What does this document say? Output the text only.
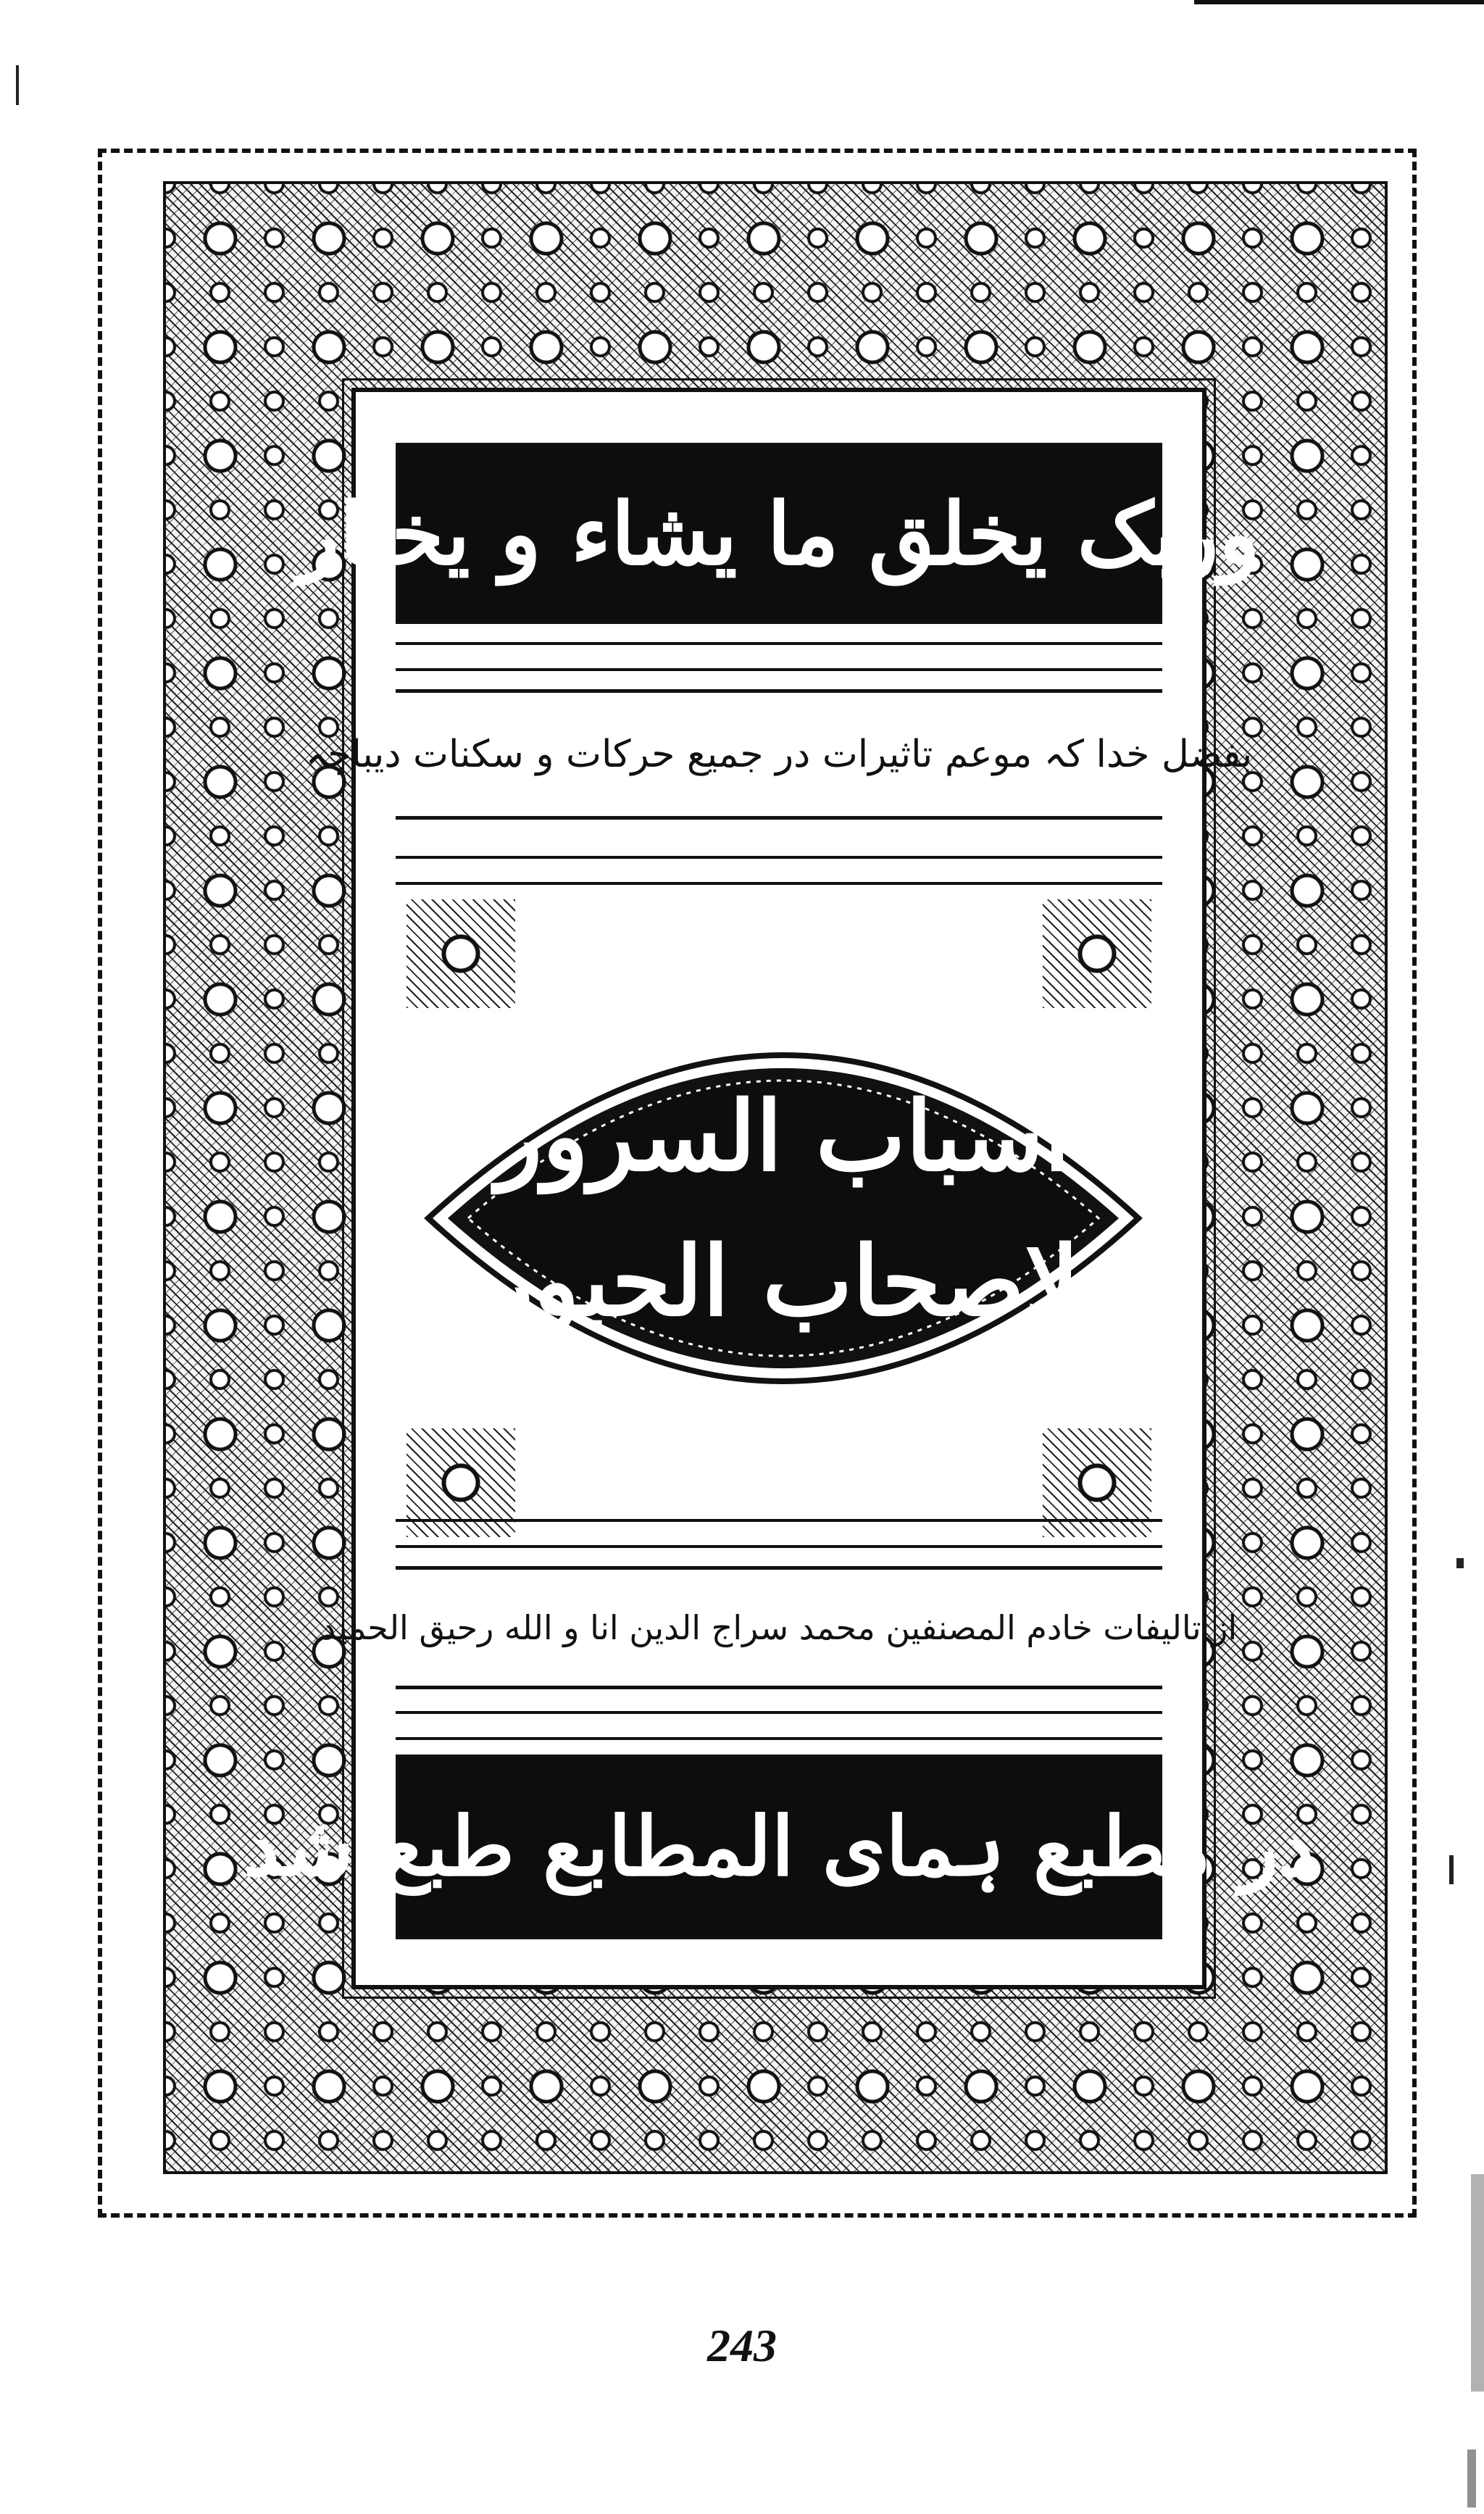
وربک یخلق ما یشاء و یختار
بفضل خدا کہ موعم تاثیرات در جمیع حرکات و سکنات دیباچہ
اسباب السرور
لاصحاب الحبور
از تالیفات خادم المصنفین محمد سراج الدین انا و الله رحیق الحمید
در مطبع ہمای المطابع طبع شد
243
